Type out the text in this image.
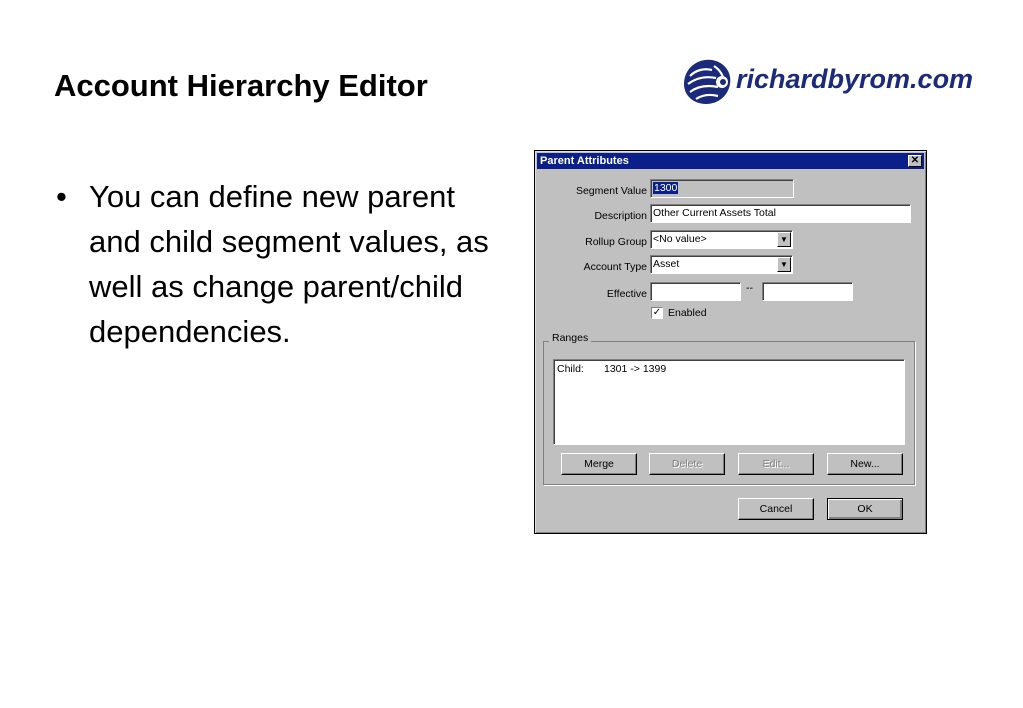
Account Hierarchy Editor	richardbyrom.com
• You can define new parent and child segment values, as well as change parent/child dependencies.
Parent Attributes	✕
Segment Value 1300
Description Other Current Assets Total
Rollup Group <No value>	▼
Account Type Asset	▼
Effective	--
✓ Enabled
Ranges
Child: 1301 -> 1399
Merge	Delete	Edit...	New...
Cancel	OK
